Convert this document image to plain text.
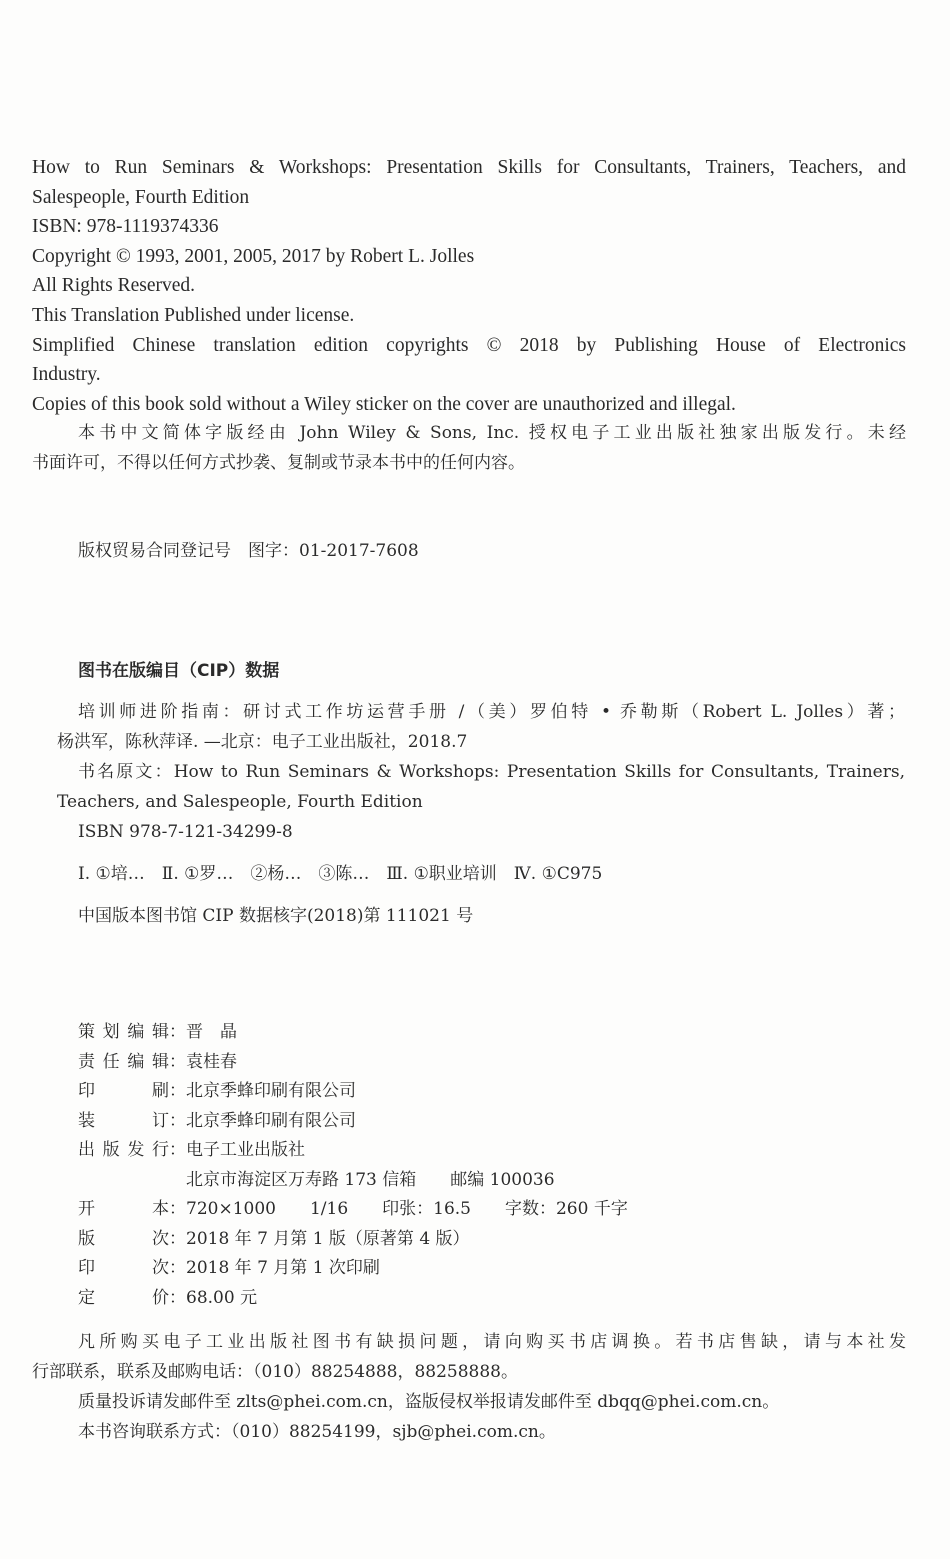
How to Run Seminars & Workshops: Presentation Skills for Consultants, Trainers, Teachers, and

Salespeople, Fourth Edition

ISBN: 978-1119374336

Copyright © 1993, 2001, 2005, 2017 by Robert L. Jolles

All Rights Reserved.

This Translation Published under license.

Simplified Chinese translation edition copyrights © 2018 by Publishing House of Electronics

Industry.

Copies of this book sold without a Wiley sticker on the cover are unauthorized and illegal.

本书中文简体字版经由 John Wiley & Sons, Inc. 授权电子工业出版社独家出版发行。未经

书面许可，不得以任何方式抄袭、复制或节录本书中的任何内容。

版权贸易合同登记号　图字：01-2017-7608

图书在版编目（CIP）数据

培训师进阶指南：研讨式工作坊运营手册 /（美）罗伯特 • 乔勒斯（Robert L. Jolles）著；

杨洪军，陈秋萍译. —北京：电子工业出版社，2018.7

书名原文：How to Run Seminars & Workshops: Presentation Skills for Consultants, Trainers,

Teachers, and Salespeople, Fourth Edition

ISBN 978-7-121-34299-8

Ⅰ. ①培…　Ⅱ. ①罗…　②杨…　③陈…　Ⅲ. ①职业培训　Ⅳ. ①C975

中国版本图书馆 CIP 数据核字(2018)第 111021 号

策 划 编 辑 ： 晋　晶
责 任 编 辑 ： 袁桂春
印	刷 ： 北京季蜂印刷有限公司
装	订 ： 北京季蜂印刷有限公司
出 版 发 行 ： 电子工业出版社
北京市海淀区万寿路 173 信箱　　邮编 100036
开	本 ： 720×1000　　1/16　　印张：16.5　　字数：260 千字
版	次 ： 2018 年 7 月第 1 版（原著第 4 版）
印	次 ： 2018 年 7 月第 1 次印刷
定	价 ： 68.00 元

凡所购买电子工业出版社图书有缺损问题，请向购买书店调换。若书店售缺，请与本社发

行部联系，联系及邮购电话：（010）88254888，88258888。

质量投诉请发邮件至 zlts@phei.com.cn，盗版侵权举报请发邮件至 dbqq@phei.com.cn。

本书咨询联系方式：（010）88254199，sjb@phei.com.cn。
